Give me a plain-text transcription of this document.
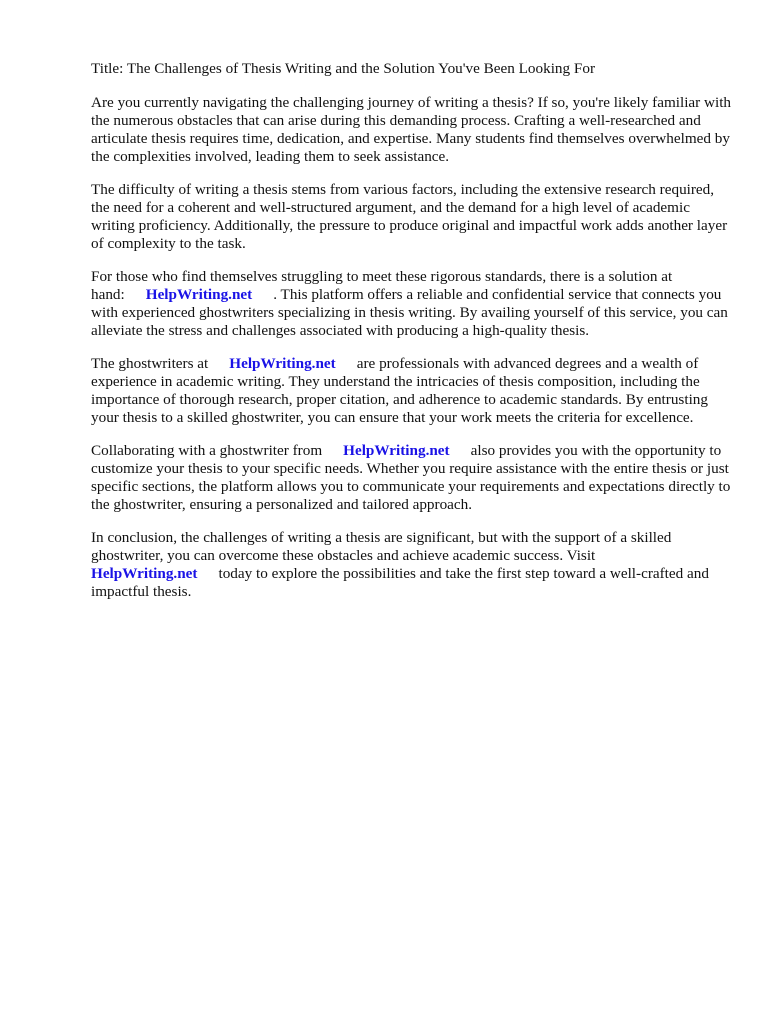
Title: The Challenges of Thesis Writing and the Solution You've Been Looking For

Are you currently navigating the challenging journey of writing a thesis? If so, you're likely familiar with the numerous obstacles that can arise during this demanding process. Crafting a well-researched and articulate thesis requires time, dedication, and expertise. Many students find themselves overwhelmed by the complexities involved, leading them to seek assistance.

The difficulty of writing a thesis stems from various factors, including the extensive research required, the need for a coherent and well-structured argument, and the demand for a high level of academic writing proficiency. Additionally, the pressure to produce original and impactful work adds another layer of complexity to the task.

For those who find themselves struggling to meet these rigorous standards, there is a solution at hand: HelpWriting.net . This platform offers a reliable and confidential service that connects you with experienced ghostwriters specializing in thesis writing. By availing yourself of this service, you can alleviate the stress and challenges associated with producing a high-quality thesis.

The ghostwriters at HelpWriting.net are professionals with advanced degrees and a wealth of experience in academic writing. They understand the intricacies of thesis composition, including the importance of thorough research, proper citation, and adherence to academic standards. By entrusting your thesis to a skilled ghostwriter, you can ensure that your work meets the criteria for excellence.

Collaborating with a ghostwriter from HelpWriting.net also provides you with the opportunity to customize your thesis to your specific needs. Whether you require assistance with the entire thesis or just specific sections, the platform allows you to communicate your requirements and expectations directly to the ghostwriter, ensuring a personalized and tailored approach.

In conclusion, the challenges of writing a thesis are significant, but with the support of a skilled ghostwriter, you can overcome these obstacles and achieve academic success. Visit HelpWriting.net today to explore the possibilities and take the first step toward a well-crafted and impactful thesis.
